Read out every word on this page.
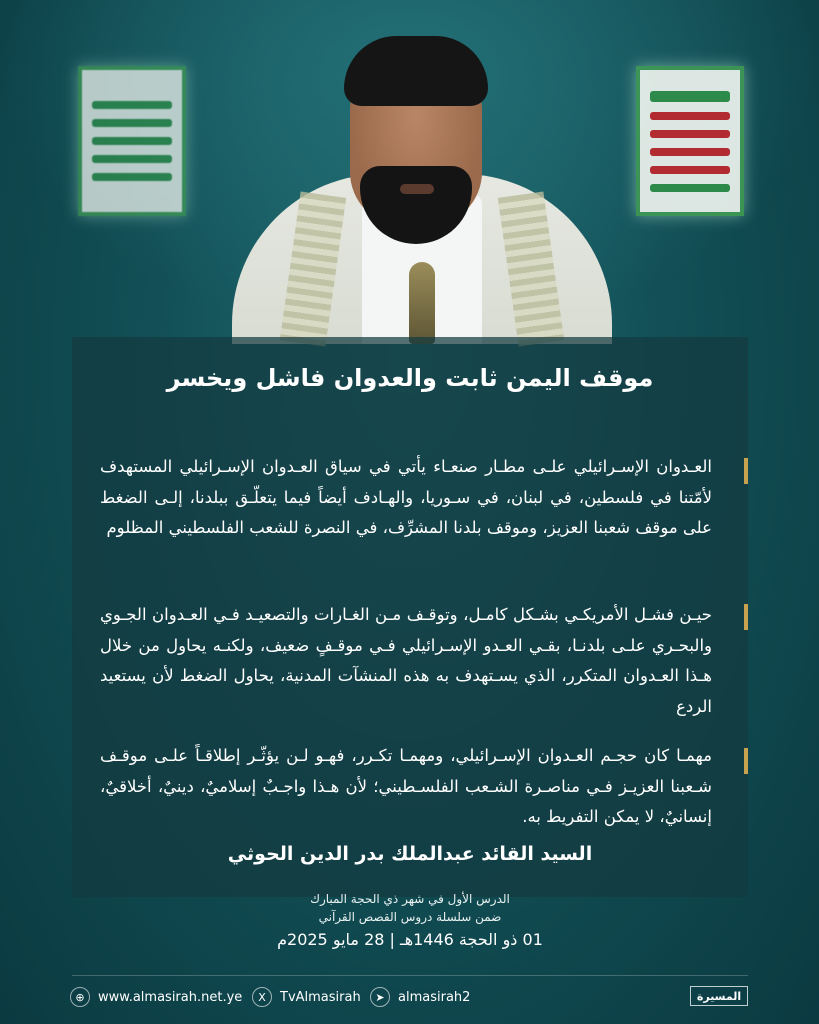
موقف اليمن ثابت والعدوان فاشل ويخسر

العـدوان الإسـرائيلي علـى مطـار صنعـاء يأتي في سياق العـدوان الإسـرائيلي المستهدف لأمّتنا في فلسطين، في لبنان، في سـوريا، والهـادف أيضاً فيما يتعلّـق ببلدنا، إلـى الضغط على موقف شعبنا العزيز، وموقف بلدنا المشرِّف، في النصرة للشعب الفلسطيني المظلوم

حيـن فشـل الأمريكـي بشـكل كامـل، وتوقـف مـن الغـارات والتصعيـد فـي العـدوان الجـوي والبحـري علـى بلدنـا، بقـي العـدو الإسـرائيلي فـي موقـفٍ ضعيف، ولكنـه يحاول من خلال هـذا العـدوان المتكرر، الذي يسـتهدف به هذه المنشآت المدنية، يحاول الضغط لأن يستعيد الردع

مهمـا كان حجـم العـدوان الإسـرائيلي، ومهمـا تكـرر، فهـو لـن يؤثّـر إطلاقـاً علـى موقـف شـعبنا العزيـز فـي مناصـرة الشـعب الفلسـطيني؛ لأن هـذا واجـبٌ إسلاميٌ، دينيٌ، أخلاقيٌ، إنسانيٌ، لا يمكن التفريط به.

السيد القائد عبدالملك بدر الدين الحوثي
الدرس الأول في شهر ذي الحجة المبارك
ضمن سلسلة دروس القصص القرآني
01 ذو الحجة 1446هـ | 28 مايو 2025م
⊕	www.almasirah.net.ye	X	TvAlmasirah	➤	almasirah2	المسيرة
